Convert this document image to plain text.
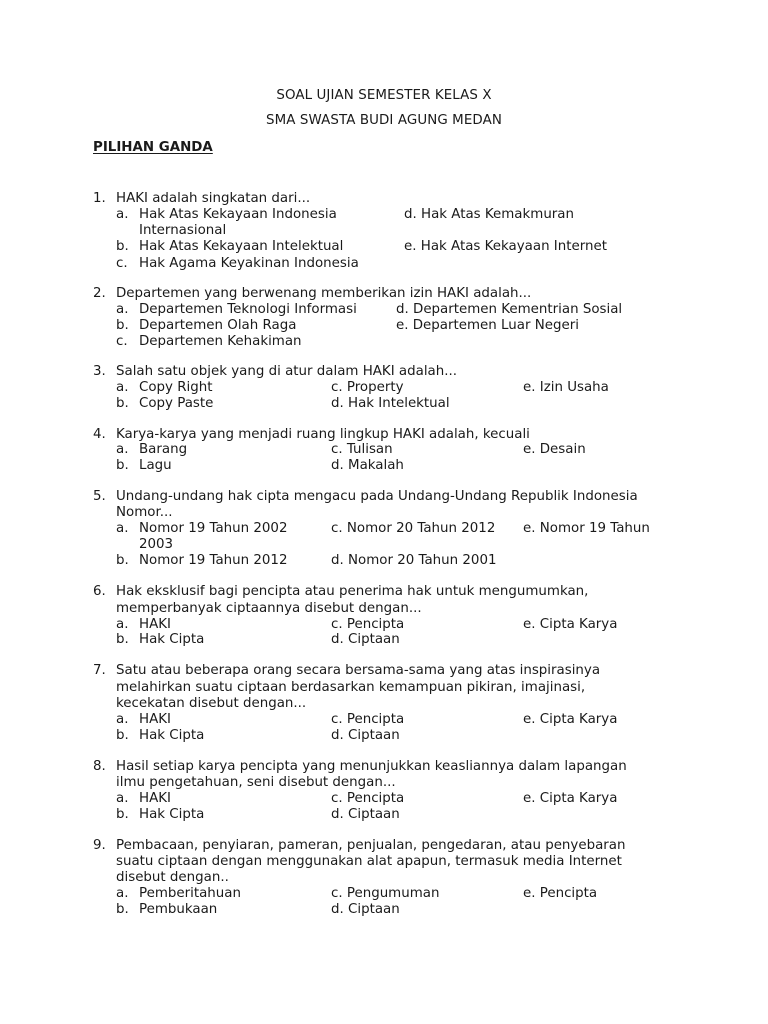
SOAL UJIAN SEMESTER KELAS X
SMA SWASTA BUDI AGUNG MEDAN
PILIHAN GANDA
1. HAKI adalah singkatan dari...
a. Hak Atas Kekayaan Indonesia
Internasional
d. Hak Atas Kemakmuran
b. Hak Atas Kekayaan Intelektual	e. Hak Atas Kekayaan Internet
c. Hak Agama Keyakinan Indonesia
2. Departemen yang berwenang memberikan izin HAKI adalah...
a. Departemen Teknologi Informasi	d. Departemen Kementrian Sosial
b. Departemen Olah Raga	e. Departemen Luar Negeri
c. Departemen Kehakiman
3. Salah satu objek yang di atur dalam HAKI adalah...
a. Copy Right	c. Property	e. Izin Usaha
b. Copy Paste	d. Hak Intelektual
4. Karya-karya yang menjadi ruang lingkup HAKI adalah, kecuali
a. Barang	c. Tulisan	e. Desain
b. Lagu	d. Makalah
5. Undang-undang hak cipta mengacu pada Undang-Undang Republik Indonesia
Nomor...
a. Nomor 19 Tahun 2002	c. Nomor 20 Tahun 2012 e. Nomor 19 Tahun
2003
b. Nomor 19 Tahun 2012	d. Nomor 20 Tahun 2001
6. Hak eksklusif bagi pencipta atau penerima hak untuk mengumumkan,
memperbanyak ciptaannya disebut dengan...
a. HAKI	c. Pencipta	e. Cipta Karya
b. Hak Cipta	d. Ciptaan
7. Satu atau beberapa orang secara bersama-sama yang atas inspirasinya
melahirkan suatu ciptaan berdasarkan kemampuan pikiran, imajinasi,
kecekatan disebut dengan...
a. HAKI	c. Pencipta	e. Cipta Karya
b. Hak Cipta	d. Ciptaan
8. Hasil setiap karya pencipta yang menunjukkan keasliannya dalam lapangan
ilmu pengetahuan, seni disebut dengan...
a. HAKI	c. Pencipta	e. Cipta Karya
b. Hak Cipta	d. Ciptaan
9. Pembacaan, penyiaran, pameran, penjualan, pengedaran, atau penyebaran
suatu ciptaan dengan menggunakan alat apapun, termasuk media Internet
disebut dengan..
a. Pemberitahuan	c. Pengumuman	e. Pencipta
b. Pembukaan	d. Ciptaan
